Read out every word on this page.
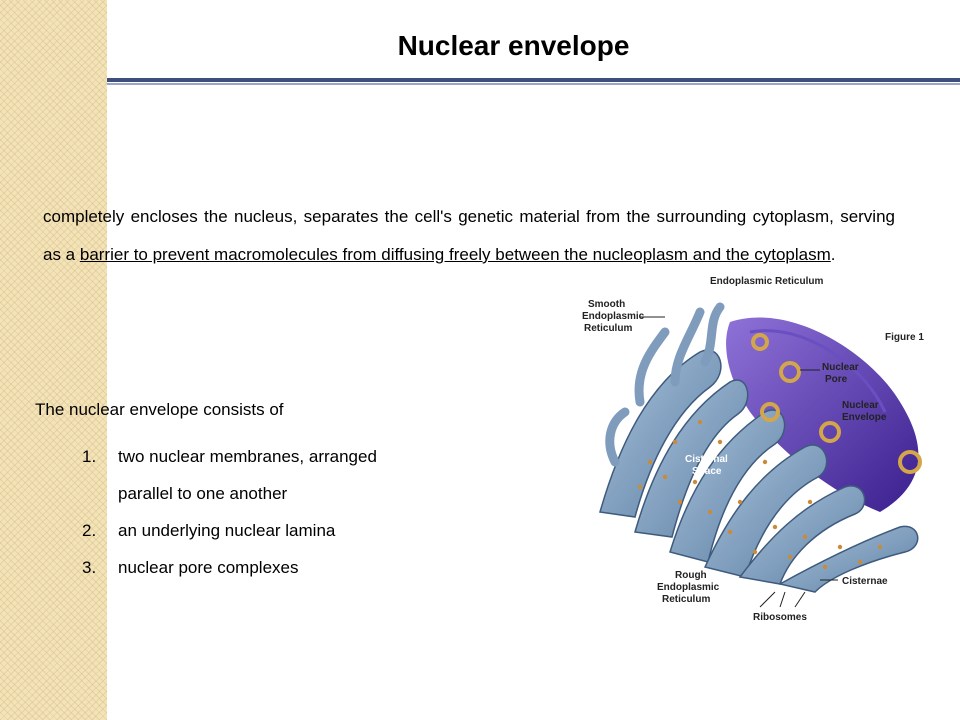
Nuclear envelope
completely encloses the nucleus, separates the cell's genetic material from the surrounding cytoplasm, serving as a barrier to prevent macromolecules from diffusing freely between the nucleoplasm and the cytoplasm.
The nuclear envelope consists of
1. two nuclear membranes, arranged
parallel to one another
2. an underlying nuclear lamina
3. nuclear pore complexes
Endoplasmic Reticulum
Figure 1
Smooth
Endoplasmic
Reticulum
Nuclear
Pore
Nuclear
Envelope
Cisternal
Space
Rough
Endoplasmic
Reticulum
Cisternae
Ribosomes
